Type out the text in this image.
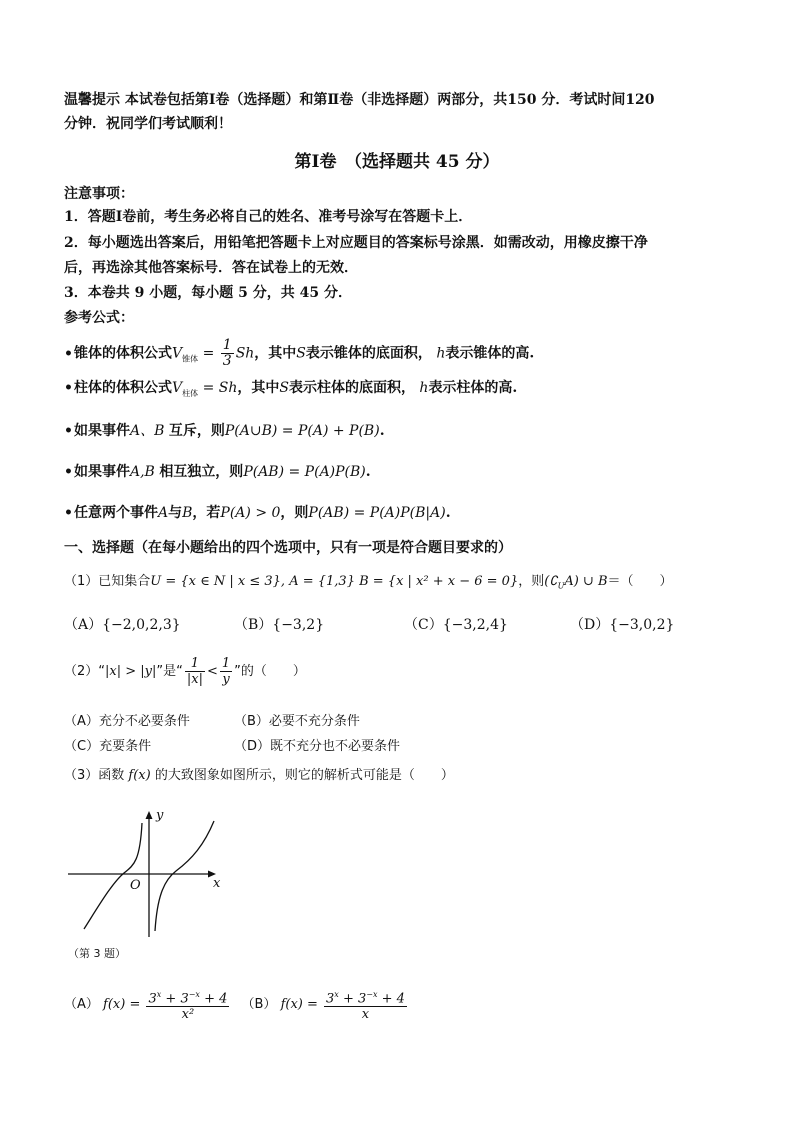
温馨提示 本试卷包括第Ⅰ卷（选择题）和第Ⅱ卷（非选择题）两部分，共150 分．考试时间120
分钟．祝同学们考试顺利！
第Ⅰ卷　（选择题共 45 分）
注意事项：
1．答题Ⅰ卷前，考生务必将自己的姓名、准考号涂写在答题卡上．
2．每小题选出答案后，用铅笔把答题卡上对应题目的答案标号涂黑．如需改动，用橡皮擦干净
后，再选涂其他答案标号．答在试卷上的无效．
3．本卷共 9 小题，每小题 5 分，共 45 分．
参考公式：
•锥体的体积公式$V_{锥体} = \frac{1}{3}$ Sh，其中S表示锥体的底面积， h表示锥体的高.
•柱体的体积公式$V_{柱体} = Sh$，其中S表示柱体的底面积， h表示柱体的高.
•如果事件A、B 互斥，则P(A∪B) = P(A) + P(B).
•如果事件A,B 相互独立，则P(AB) = P(A)P(B).
•任意两个事件A与B，若P(A) > 0，则P(AB) = P(A)P(B|A).
一、选择题（在每小题给出的四个选项中，只有一项是符合题目要求的）
（1）已知集合U = {x ∈ N | x ≤ 3}, A = {1,3} B = {x | x² + x − 6 = 0}，则$(∁_UA)$ ∪ B＝（　　）
（A）{−2,0,2,3}	（B）{−3,2}	（C）{−3,2,4}	（D）{−3,0,2}
（2）“|x| > |y|”是“ $\frac{1}{|x|} < \frac{1}{y}$ ”的（　　）
（A）充分不必要条件	（B）必要不充分条件
（C）充要条件	（D）既不充分也不必要条件
（3）函数 f(x) 的大致图象如图所示，则它的解析式可能是（　　）
y
x
O
（第 3 题）
（A） $f(x) = \frac{3^x + 3^{-x} + 4}{\text{x²}} (B) f(x) = \frac{3^x + 3^{-x} + 4}{x}$
